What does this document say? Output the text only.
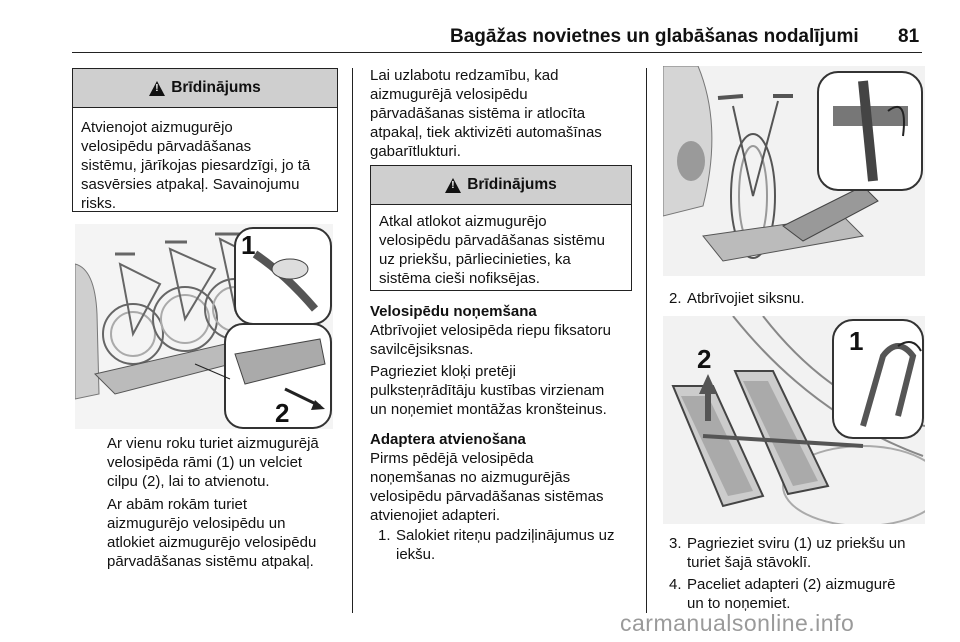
Bagāžas novietnes un glabāšanas nodalījumi 81
!
Brīdinājums
Atvienojot aizmugurējo
velosipēdu pārvadāšanas
sistēmu, jārīkojas piesardzīgi, jo tā
sasvērsies atpakaļ. Savainojumu
risks.
1
2
Ar vienu roku turiet aizmugurējā
velosipēda rāmi (1) un velciet
cilpu (2), lai to atvienotu.
Ar abām rokām turiet
aizmugurējo velosipēdu un
atlokiet aizmugurējo velosipēdu
pārvadāšanas sistēmu atpakaļ.
Lai uzlabotu redzamību, kad
aizmugurējā velosipēdu
pārvadāšanas sistēma ir atlocīta
atpakaļ, tiek aktivizēti automašīnas
gabarītlukturi.
!
Brīdinājums
Atkal atlokot aizmugurējo
velosipēdu pārvadāšanas sistēmu
uz priekšu, pārliecinieties, ka
sistēma cieši nofiksējas.
Velosipēdu noņemšana
Atbrīvojiet velosipēda riepu fiksatoru
savilcējsiksnas.
Pagrieziet kloķi pretēji
pulksteņrādītāju kustības virzienam
un noņemiet montāžas kronšteinus.
Adaptera atvienošana
Pirms pēdējā velosipēda
noņemšanas no aizmugurējās
velosipēdu pārvadāšanas sistēmas
atvienojiet adapteri.
1. Salokiet riteņu padziļinājumus uz
iekšu.
2. Atbrīvojiet siksnu.
1
2
3. Pagrieziet sviru (1) uz priekšu un
turiet šajā stāvoklī.
4. Paceliet adapteri (2) aizmugurē
un to noņemiet.
carmanualsonline.info
